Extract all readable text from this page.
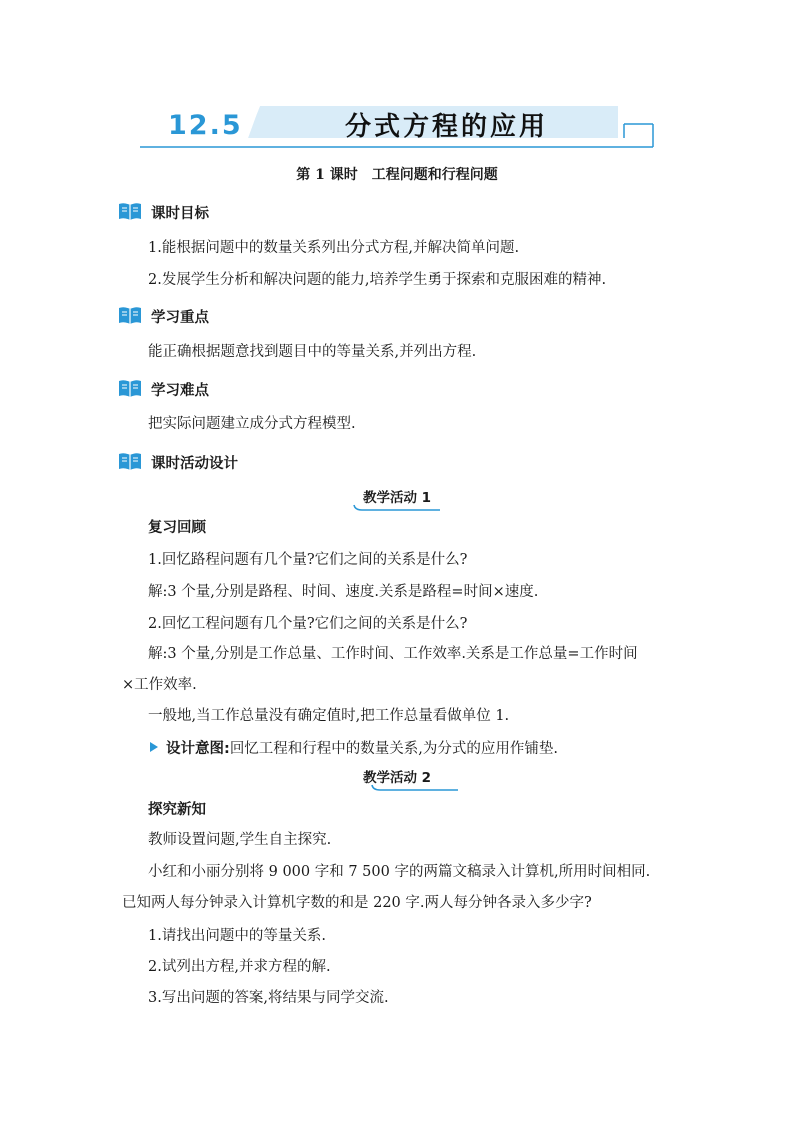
12.5	分式方程的应用
第 1 课时　工程问题和行程问题
课时目标
1.能根据问题中的数量关系列出分式方程,并解决简单问题.
2.发展学生分析和解决问题的能力,培养学生勇于探索和克服困难的精神.
学习重点
能正确根据题意找到题目中的等量关系,并列出方程.
学习难点
把实际问题建立成分式方程模型.
课时活动设计
教学活动 1
复习回顾
1.回忆路程问题有几个量?它们之间的关系是什么?
解:3 个量,分别是路程、时间、速度.关系是路程=时间×速度.
2.回忆工程问题有几个量?它们之间的关系是什么?
解:3 个量,分别是工作总量、工作时间、工作效率.关系是工作总量=工作时间
×工作效率.
一般地,当工作总量没有确定值时,把工作总量看做单位 1.
设计意图:回忆工程和行程中的数量关系,为分式的应用作铺垫.
教学活动 2
探究新知
教师设置问题,学生自主探究.
小红和小丽分别将 9 000 字和 7 500 字的两篇文稿录入计算机,所用时间相同.
已知两人每分钟录入计算机字数的和是 220 字.两人每分钟各录入多少字?
1.请找出问题中的等量关系.
2.试列出方程,并求方程的解.
3.写出问题的答案,将结果与同学交流.
